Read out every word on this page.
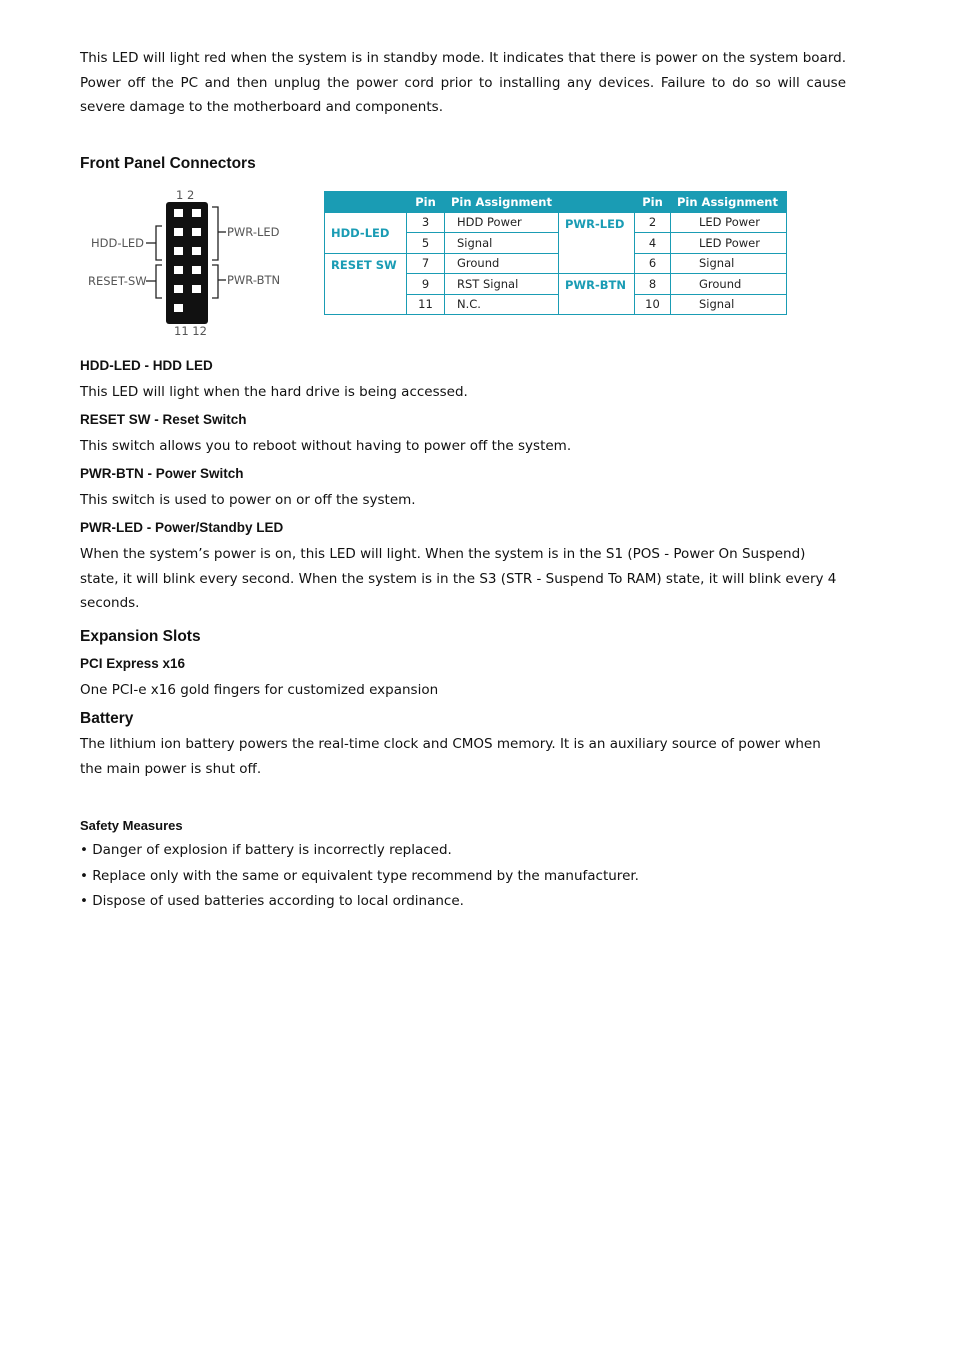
This LED will light red when the system is in standby mode. It indicates that there is power on the system board. Power off the PC and then unplug the power cord prior to installing any devices. Failure to do so will cause severe damage to the motherboard and components.
Front Panel Connectors
1 2
11 12
HDD-LED
RESET-SW
PWR-LED
PWR-BTN
	Pin	Pin Assignment		Pin	Pin Assignment
HDD-LED	3	HDD Power	PWR-LED	2	LED Power
	5	Signal		4	LED Power
RESET SW	7	Ground		6	Signal
	9	RST Signal	PWR-BTN	8	Ground
	11	N.C.		10	Signal
HDD-LED - HDD LED
This LED will light when the hard drive is being accessed.
RESET SW - Reset Switch
This switch allows you to reboot without having to power off the system.
PWR-BTN - Power Switch
This switch is used to power on or off the system.
PWR-LED - Power/Standby LED
When the system’s power is on, this LED will light. When the system is in the S1 (POS - Power On Suspend) state, it will blink every second. When the system is in the S3 (STR - Suspend To RAM) state, it will blink every 4 seconds.
Expansion Slots
PCI Express x16
One PCI-e x16 gold fingers for customized expansion
Battery
The lithium ion battery powers the real-time clock and CMOS memory. It is an auxiliary source of power when the main power is shut off.
Safety Measures
• Danger of explosion if battery is incorrectly replaced.
• Replace only with the same or equivalent type recommend by the manufacturer.
• Dispose of used batteries according to local ordinance.
